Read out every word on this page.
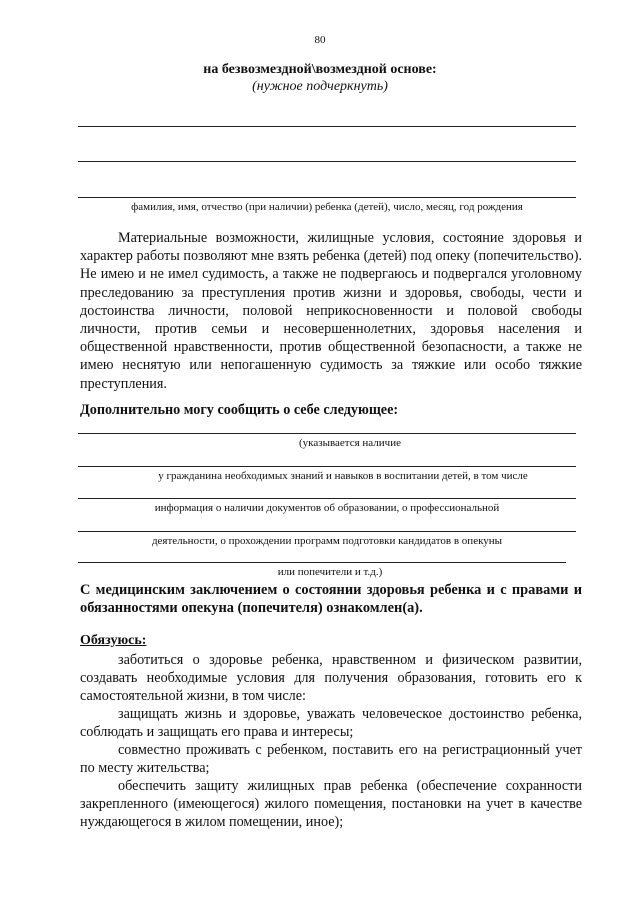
80
на безвозмездной\возмездной основе:
(нужное подчеркнуть)
фамилия, имя, отчество (при наличии) ребенка (детей), число, месяц, год рождения

Материальные возможности, жилищные условия, состояние здоровья и характер работы позволяют мне взять ребенка (детей) под опеку (попечительство). Не имею и не имел судимость, а также не подвергаюсь и подвергался уголовному преследованию за преступления против жизни и здоровья, свободы, чести и достоинства личности, половой неприкосновенности и половой свободы личности, против семьи и несовершеннолетних, здоровья населения и общественной нравственности, против общественной безопасности, а также не имею неснятую или непогашенную судимость за тяжкие или особо тяжкие преступления.

Дополнительно могу сообщить о себе следующее:
(указывается наличие
у гражданина необходимых знаний и навыков в воспитании детей, в том числе
информация о наличии документов об образовании, о профессиональной
деятельности, о прохождении программ подготовки кандидатов в опекуны
или попечители и т.д.)

С медицинским заключением о состоянии здоровья ребенка и с правами и обязанностями опекуна (попечителя) ознакомлен(а).

Обязуюсь:

заботиться о здоровье ребенка, нравственном и физическом развитии, создавать необходимые условия для получения образования, готовить его к самостоятельной жизни, в том числе:

защищать жизнь и здоровье, уважать человеческое достоинство ребенка, соблюдать и защищать его права и интересы;

совместно проживать с ребенком, поставить его на регистрационный учет по месту жительства;

обеспечить защиту жилищных прав ребенка (обеспечение сохранности закрепленного (имеющегося) жилого помещения, постановки на учет в качестве нуждающегося в жилом помещении, иное);
